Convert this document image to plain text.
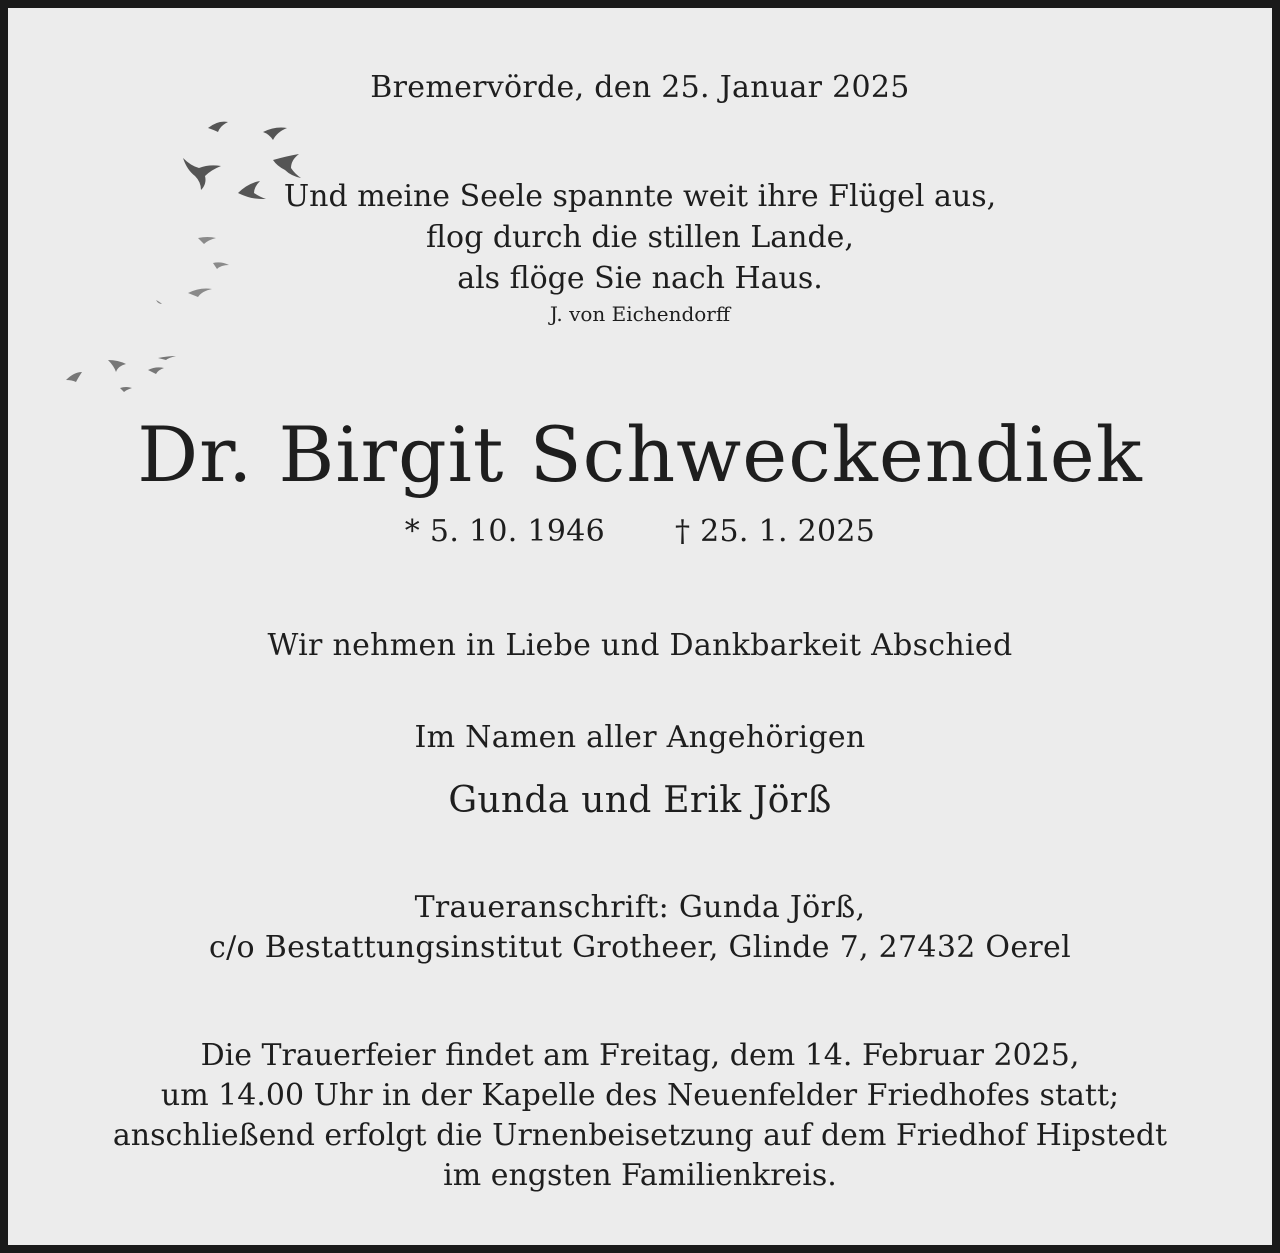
Bremervörde, den 25. Januar 2025
Und meine Seele spannte weit ihre Flügel aus,
flog durch die stillen Lande,
als flöge Sie nach Haus.
J. von Eichendorff
Dr. Birgit Schweckendiek
* 5. 10. 1946 † 25. 1. 2025
Wir nehmen in Liebe und Dankbarkeit Abschied
Im Namen aller Angehörigen
Gunda und Erik Jörß
Traueranschrift: Gunda Jörß,
c/o Bestattungsinstitut Grotheer, Glinde 7, 27432 Oerel
Die Trauerfeier findet am Freitag, dem 14. Februar 2025,
um 14.00 Uhr in der Kapelle des Neuenfelder Friedhofes statt;
anschließend erfolgt die Urnenbeisetzung auf dem Friedhof Hipstedt
im engsten Familienkreis.
